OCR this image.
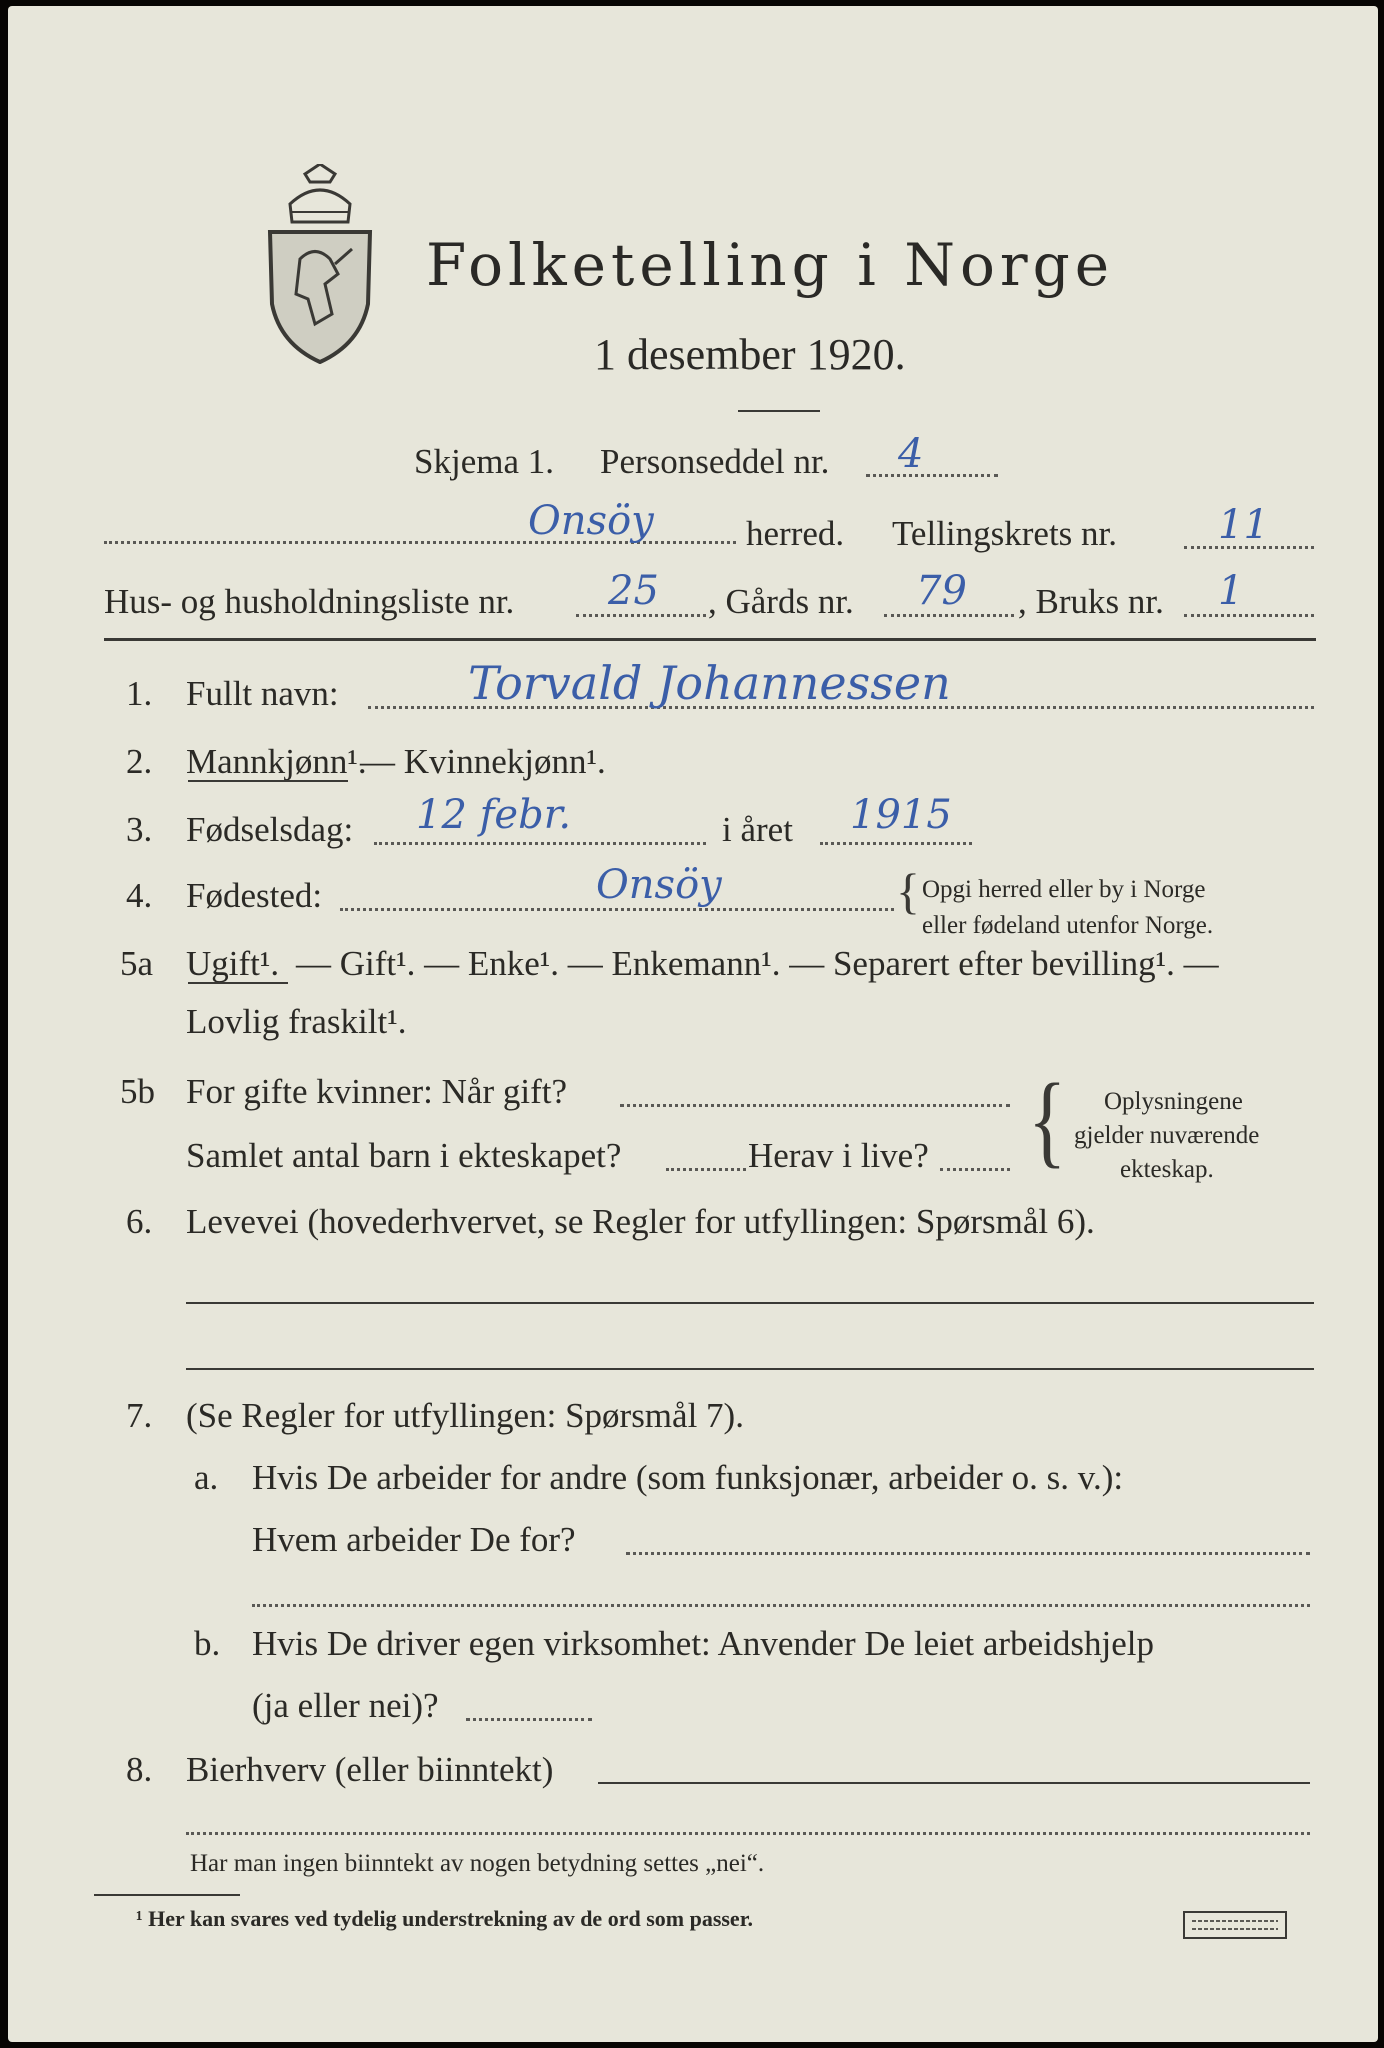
Folketelling i Norge
1 desember 1920.
Skjema 1. Personseddel nr. 4
Onsöy	herred. Tellingskrets nr.	11
Hus- og husholdningsliste nr. 25 , Gårds nr. 79 , Bruks nr. 1
1. Fullt navn:	Torvald Johannessen
2. Mannkjønn¹.
— Kvinnekjønn¹.
3. Fødselsdag: 12 febr.	i året 1915
4. Fødested:	Onsöy	{ Opgi herred eller by i Norge
eller fødeland utenfor Norge.
5a Ugift¹. — Gift¹. — Enke¹. — Enkemann¹. — Separert efter bevilling¹. —
Lovlig fraskilt¹.
5b For gifte kvinner: Når gift?
Samlet antal barn i ekteskapet?	Herav i live? { Oplysningene
gjelder nuværende
ekteskap.
6. Levevei (hovederhvervet, se Regler for utfyllingen: Spørsmål 6).
7. (Se Regler for utfyllingen: Spørsmål 7).
a. Hvis De arbeider for andre (som funksjonær, arbeider o. s. v.):
Hvem arbeider De for?
b. Hvis De driver egen virksomhet: Anvender De leiet arbeidshjelp
(ja eller nei)?
8. Bierhverv (eller biinntekt)
Har man ingen biinntekt av nogen betydning settes „nei“.
¹ Her kan svares ved tydelig understrekning av de ord som passer.
